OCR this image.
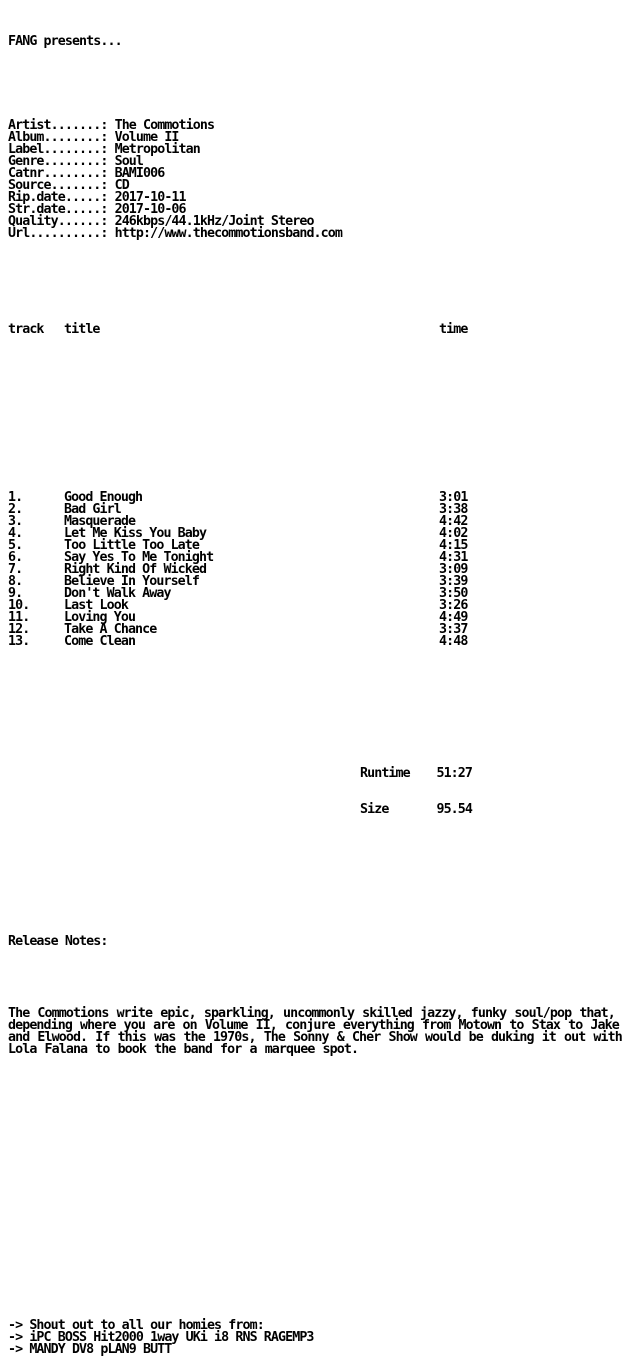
FANG presents...

Artist.......: The Commotions
Album........: Volume II
Label........: Metropolitan
Genre........: Soul
Catnr........: BAMI006
Source.......: CD
Rip.date.....: 2017-10-11
Str.date.....: 2017-10-06
Quality......: 246kbps/44.1kHz/Joint Stereo
Url..........: http://www.thecommotionsband.com

track	title	time

1.	Good Enough	3:01
2.	Bad Girl	3:38
3.	Masquerade	4:42
4.	Let Me Kiss You Baby	4:02
5.	Too Little Too Late	4:15
6.	Say Yes To Me Tonight	4:31
7.	Right Kind Of Wicked	3:09
8.	Believe In Yourself	3:39
9.	Don't Walk Away	3:50
10.	Last Look	3:26
11.	Loving You	4:49
12.	Take A Chance	3:37
13.	Come Clean	4:48

Runtime	51:27

Size	95.54

Release Notes:

The Commotions write epic, sparkling, uncommonly skilled jazzy, funky soul/pop that, depending where you are on Volume II, conjure everything from Motown to Stax to Jake and Elwood. If this was the 1970s, The Sonny & Cher Show would be duking it out with Lola Falana to book the band for a marquee spot.

-> Shout out to all our homies from:
-> iPC BOSS Hit2000 1way UKi i8 RNS RAGEMP3
-> MANDY DV8 pLAN9 BUTT
